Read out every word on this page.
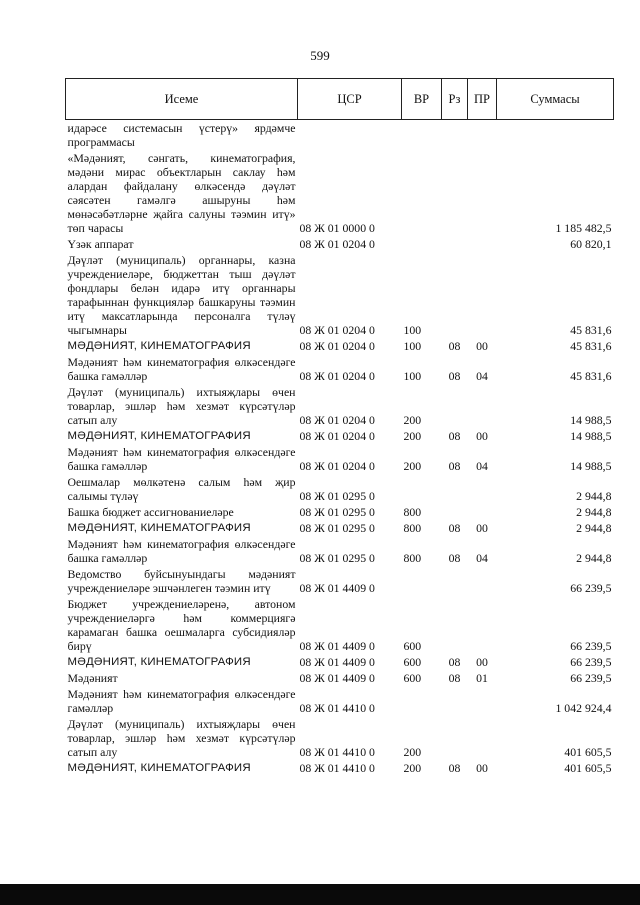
599
Исеме	ЦСР	ВР	Рз	ПР	Суммасы
идарәсе системасын үстерү» ярдәмче программасы					
«Мәдәният, сәнгать, кинематография, мәдәни мирас объектларын саклау һәм алардан файдалану өлкәсендә дәүләт сәясәтен гамәлгә ашыруны һәм мөнәсәбәтләрне җайга салуны тәэмин итү» төп чарасы	08 Ж 01 0000 0				1 185 482,5
Үзәк аппарат	08 Ж 01 0204 0				60 820,1
Дәүләт (муниципаль) органнары, казна учреждениеләре, бюджеттан тыш дәүләт фондлары белән идарә итү органнары тарафыннан функцияләр башкаруны тәэмин итү максатларында персоналга түләү чыгымнары	08 Ж 01 0204 0	100			45 831,6
МӘДӘНИЯТ, КИНЕМАТОГРАФИЯ	08 Ж 01 0204 0	100	08	00	45 831,6
Мәдәният һәм кинематография өлкәсендәге башка гамәлләр	08 Ж 01 0204 0	100	08	04	45 831,6
Дәүләт (муниципаль) ихтыяҗлары өчен товарлар, эшләр һәм хезмәт күрсәтүләр сатып алу	08 Ж 01 0204 0	200			14 988,5
МӘДӘНИЯТ, КИНЕМАТОГРАФИЯ	08 Ж 01 0204 0	200	08	00	14 988,5
Мәдәният һәм кинематография өлкәсендәге башка гамәлләр	08 Ж 01 0204 0	200	08	04	14 988,5
Оешмалар мөлкәтенә салым һәм җир салымы түләү	08 Ж 01 0295 0				2 944,8
Башка бюджет ассигнованиеләре	08 Ж 01 0295 0	800			2 944,8
МӘДӘНИЯТ, КИНЕМАТОГРАФИЯ	08 Ж 01 0295 0	800	08	00	2 944,8
Мәдәният һәм кинематография өлкәсендәге башка гамәлләр	08 Ж 01 0295 0	800	08	04	2 944,8
Ведомство буйсынуындагы мәдәният учреждениеләре эшчәнлеген тәэмин итү	08 Ж 01 4409 0				66 239,5
Бюджет учреждениеләренә, автоном учреждениеләргә һәм коммерциягә карамаган башка оешмаларга субсидияләр бирү	08 Ж 01 4409 0	600			66 239,5
МӘДӘНИЯТ, КИНЕМАТОГРАФИЯ	08 Ж 01 4409 0	600	08	00	66 239,5
Мәдәният	08 Ж 01 4409 0	600	08	01	66 239,5
Мәдәният һәм кинематография өлкәсендәге гамәлләр	08 Ж 01 4410 0				1 042 924,4
Дәүләт (муниципаль) ихтыяҗлары өчен товарлар, эшләр һәм хезмәт күрсәтүләр сатып алу	08 Ж 01 4410 0	200			401 605,5
МӘДӘНИЯТ, КИНЕМАТОГРАФИЯ	08 Ж 01 4410 0	200	08	00	401 605,5
